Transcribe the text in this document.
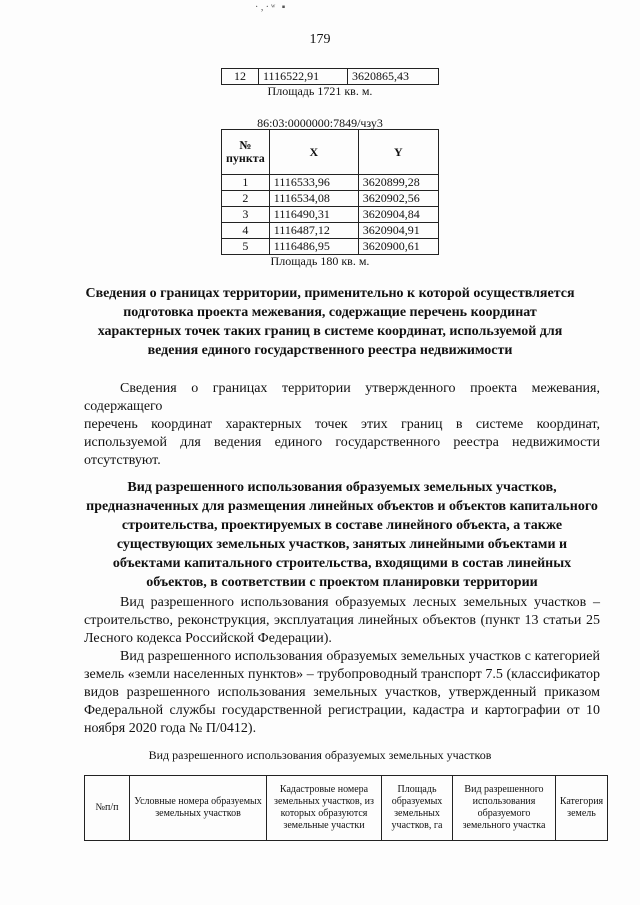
·‚·ʷ ▪︎
179
12	1116522,91	3620865,43
Площадь 1721 кв. м.
86:03:0000000:7849/чзу3
№ пункта	X	Y
1	1116533,96	3620899,28
2	1116534,08	3620902,56
3	1116490,31	3620904,84
4	1116487,12	3620904,91
5	1116486,95	3620900,61
Площадь 180 кв. м.
Сведения о границах территории, применительно к которой осуществляется подготовка проекта межевания, содержащие перечень координат характерных точек таких границ в системе координат, используемой для ведения единого государственного реестра недвижимости

Сведения о границах территории утвержденного проекта межевания, содержащего

перечень координат характерных точек этих границ в системе координат, используемой для ведения единого государственного реестра недвижимости отсутствуют.

Вид разрешенного использования образуемых земельных участков, предназначенных для размещения линейных объектов и объектов капитального строительства, проектируемых в составе линейного объекта, а также существующих земельных участков, занятых линейными объектами и объектами капитального строительства, входящими в состав линейных объектов, в соответствии с проектом планировки территории

Вид разрешенного использования образуемых лесных земельных участков – строительство, реконструкция, эксплуатация линейных объектов (пункт 13 статьи 25 Лесного кодекса Российской Федерации).

Вид разрешенного использования образуемых земельных участков с категорией земель «земли населенных пунктов» – трубопроводный транспорт 7.5 (классификатор видов разрешенного использования земельных участков, утвержденный приказом Федеральной службы государственной регистрации, кадастра и картографии от 10 ноября 2020 года № П/0412).

Вид разрешенного использования образуемых земельных участков
№п/п	Условные номера образуемых земельных участков	Кадастровые номера земельных участков, из которых образуются земельные участки	Площадь образуемых земельных участков, га	Вид разрешенного использования образуемого земельного участка	Категория земель
